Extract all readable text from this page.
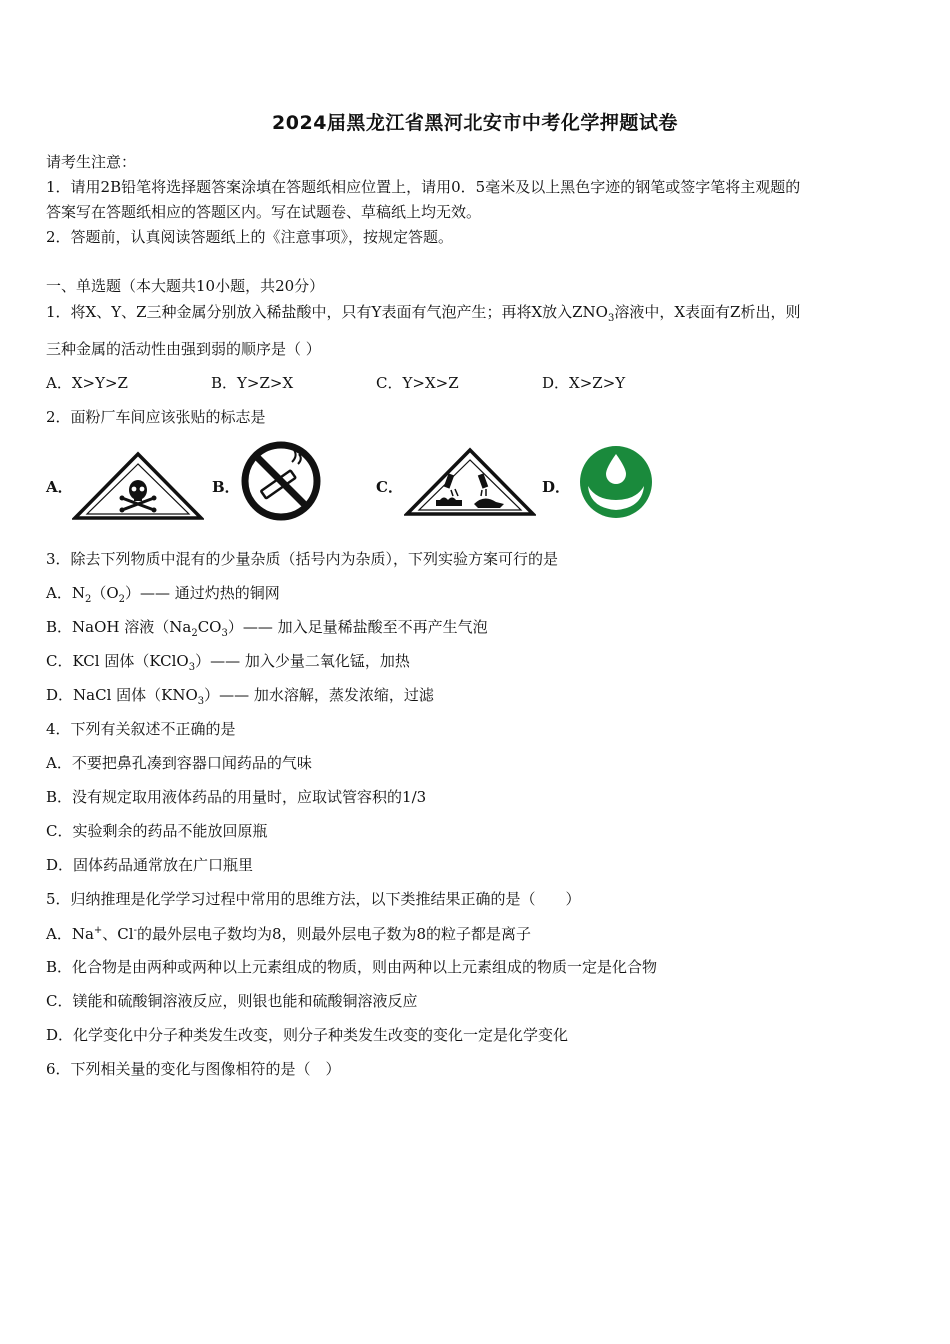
2024届黑龙江省黑河北安市中考化学押题试卷
请考生注意：
1．请用2B铅笔将选择题答案涂填在答题纸相应位置上，请用0．5毫米及以上黑色字迹的钢笔或签字笔将主观题的
答案写在答题纸相应的答题区内。写在试题卷、草稿纸上均无效。
2．答题前，认真阅读答题纸上的《注意事项》，按规定答题。
一、单选题（本大题共10小题，共20分）
1．将X、Y、Z三种金属分别放入稀盐酸中，只有Y表面有气泡产生；再将X放入$ZNO_3$溶液中，X表面有Z析出，则
三种金属的活动性由强到弱的顺序是（ ）
A．X>Y>Z	B．Y>Z>X	C．Y>X>Z	D．X>Z>Y
2．面粉厂车间应该张贴的标志是
A．	B．	C．	D．
3．除去下列物质中混有的少量杂质（括号内为杂质），下列实验方案可行的是
A．$N_2(O_2)——$ 通过灼热的铜网
B．NaOH 溶液$(Na_2CO_3)——$ 加入足量稀盐酸至不再产生气泡
C．KCl 固体（KClO$_3$）—— 加入少量二氧化锰，加热
D．NaCl 固体$(KNO_3)——$ 加水溶解，蒸发浓缩，过滤
4．下列有关叙述不正确的是
A．不要把鼻孔凑到容器口闻药品的气味
B．没有规定取用液体药品的用量时，应取试管容积的1/3
C．实验剩余的药品不能放回原瓶
D．固体药品通常放在广口瓶里
5．归纳推理是化学学习过程中常用的思维方法，以下类推结果正确的是（　　）
A．Na+、Cl-的最外层电子数均为8，则最外层电子数为8的粒子都是离子
B．化合物是由两种或两种以上元素组成的物质，则由两种以上元素组成的物质一定是化合物
C．镁能和硫酸铜溶液反应，则银也能和硫酸铜溶液反应
D．化学变化中分子种类发生改变，则分子种类发生改变的变化一定是化学变化
6．下列相关量的变化与图像相符的是（　）
